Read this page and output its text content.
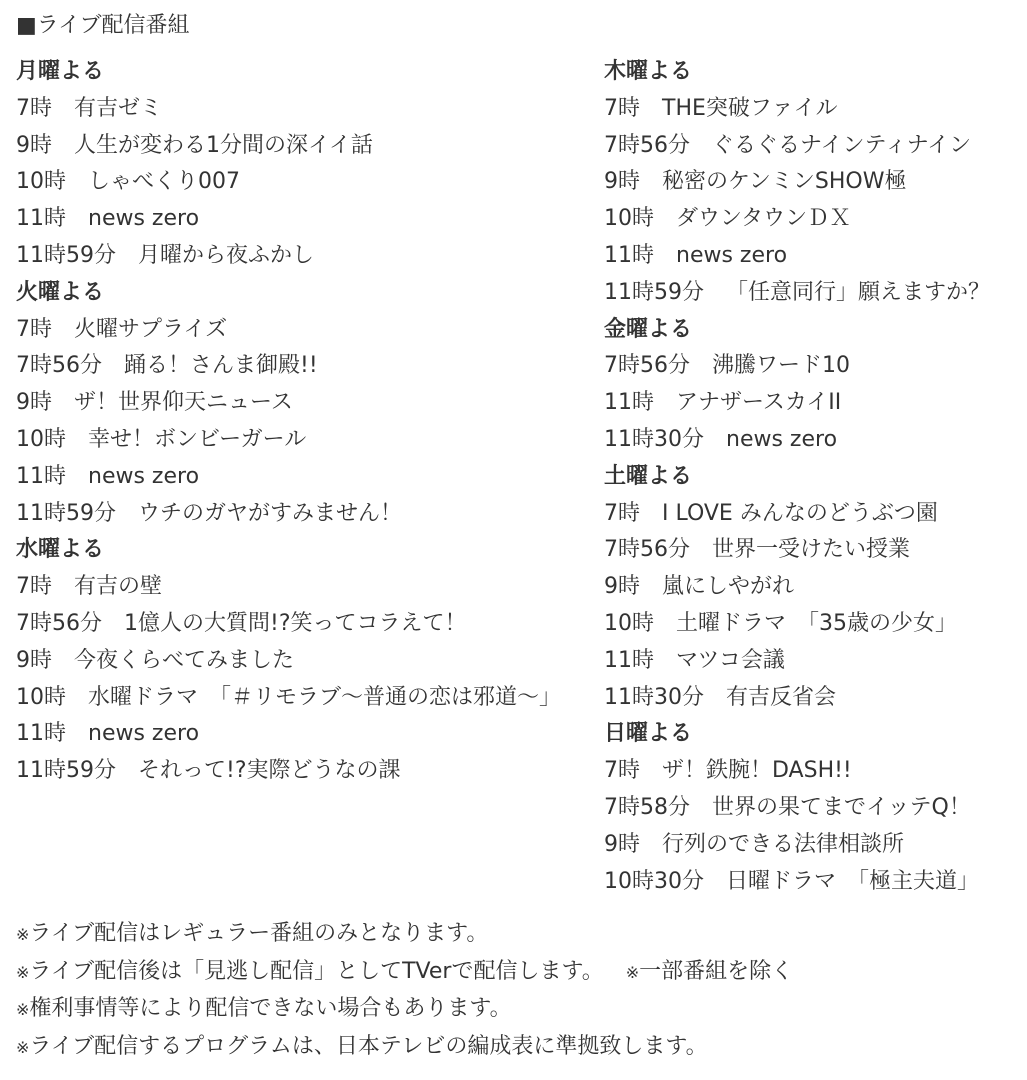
■ライブ配信番組
月曜よる
7時 有吉ゼミ
9時 人生が変わる1分間の深イイ話
10時 しゃべくり007
11時 news zero
11時59分 月曜から夜ふかし
火曜よる
7時 火曜サプライズ
7時56分 踊る！さんま御殿!!
9時 ザ！世界仰天ニュース
10時 幸せ！ボンビーガール
11時 news zero
11時59分 ウチのガヤがすみません！
水曜よる
7時 有吉の壁
7時56分 1億人の大質問!?笑ってコラえて！
9時 今夜くらべてみました
10時 水曜ドラマ　「＃リモラブ～普通の恋は邪道～」
11時 news zero
11時59分 それって!?実際どうなの課
木曜よる
7時 THE突破ファイル
7時56分 ぐるぐるナインティナイン
9時 秘密のケンミンSHOW極
10時 ダウンタウンＤＸ
11時 news zero
11時59分 「任意同行」願えますか？
金曜よる
7時56分 沸騰ワード10
11時 アナザースカイII
11時30分 news zero
土曜よる
7時 I LOVE みんなのどうぶつ園
7時56分 世界一受けたい授業
9時 嵐にしやがれ
10時 土曜ドラマ　「35歳の少女」
11時 マツコ会議
11時30分 有吉反省会
日曜よる
7時 ザ！鉄腕！DASH!!
7時58分 世界の果てまでイッテQ！
9時 行列のできる法律相談所
10時30分 日曜ドラマ　「極主夫道」
※ライブ配信はレギュラー番組のみとなります。
※ライブ配信後は「見逃し配信」としてTVerで配信します。 ※一部番組を除く
※権利事情等により配信できない場合もあります。
※ライブ配信するプログラムは、日本テレビの編成表に準拠致します。
